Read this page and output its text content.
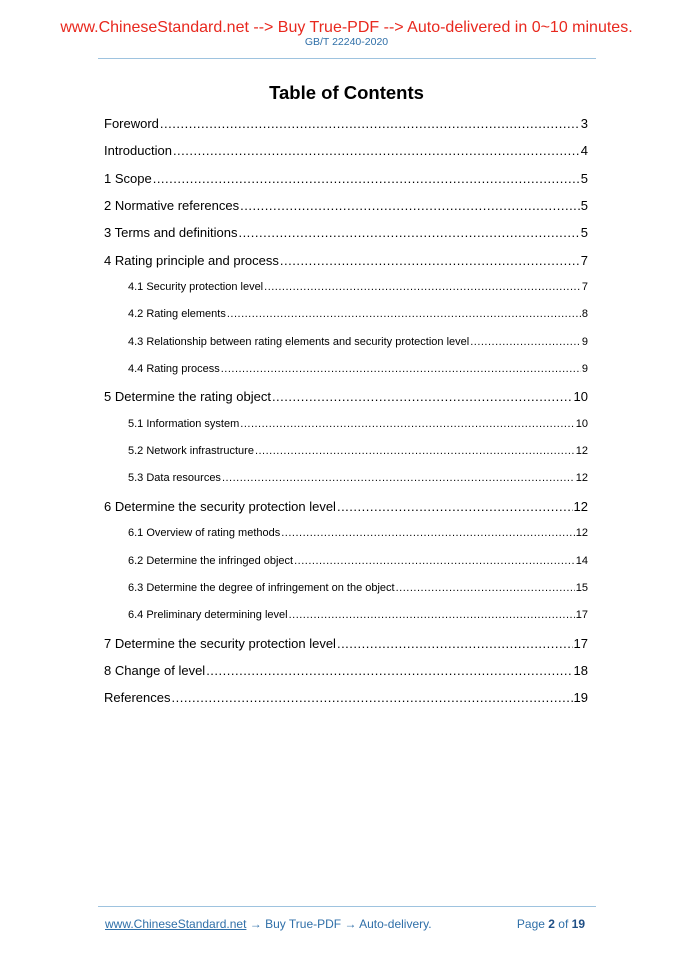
www.ChineseStandard.net --> Buy True-PDF --> Auto-delivered in 0~10 minutes.
GB/T 22240-2020
Table of Contents
Foreword .....	3
Introduction .....	4
1 Scope .....	5
2 Normative references .....	5
3 Terms and definitions .....	5
4 Rating principle and process .....	7
4.1 Security protection level .....	7
4.2 Rating elements .....	8
4.3 Relationship between rating elements and security protection level .....	9
4.4 Rating process .....	9
5 Determine the rating object .....	10
5.1 Information system .....	10
5.2 Network infrastructure .....	12
5.3 Data resources .....	12
6 Determine the security protection level .....	12
6.1 Overview of rating methods .....	12
6.2 Determine the infringed object .....	14
6.3 Determine the degree of infringement on the object .....	15
6.4 Preliminary determining level .....	17
7 Determine the security protection level .....	17
8 Change of level .....	18
References .....	19
www.ChineseStandard.net → Buy True-PDF → Auto-delivery.	Page 2 of 19
